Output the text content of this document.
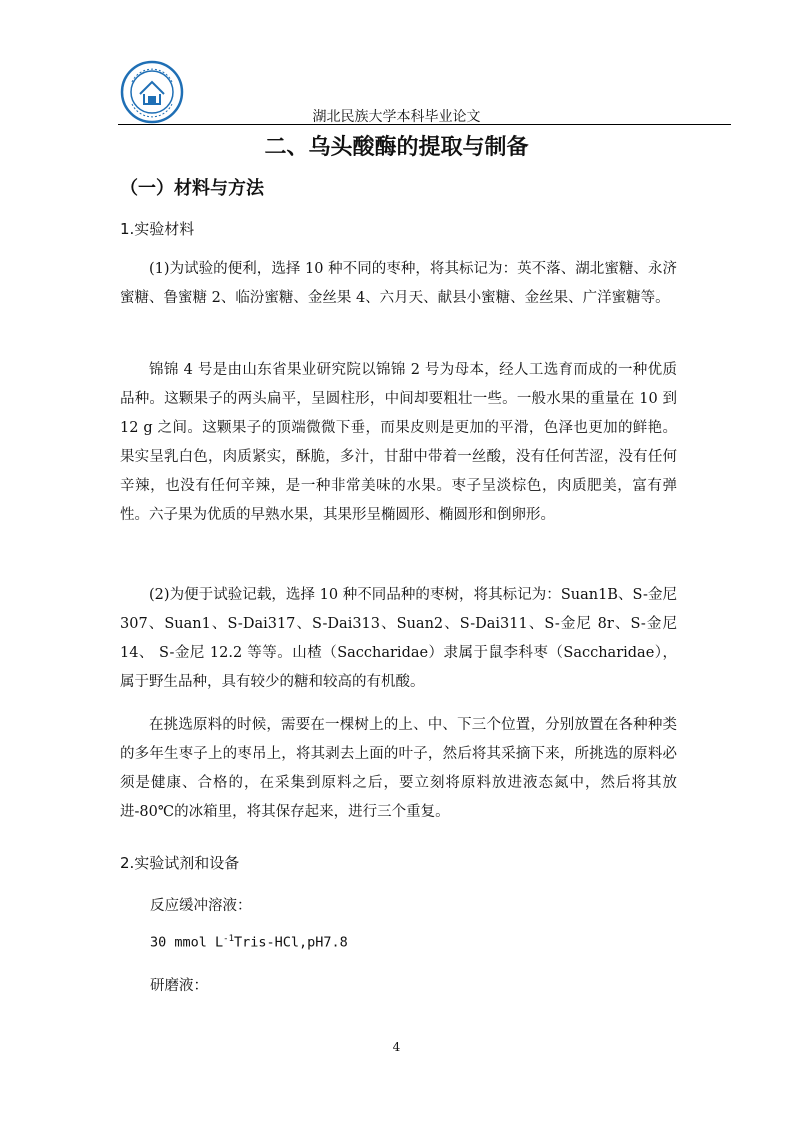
湖北民族大学本科毕业论文
二、乌头酸酶的提取与制备
（一）材料与方法
1.实验材料

(1)为试验的便利，选择 10 种不同的枣种，将其标记为：英不落、湖北蜜糖、永济蜜糖、鲁蜜糖 2、临汾蜜糖、金丝果 4、六月天、献县小蜜糖、金丝果、广洋蜜糖等。

锦锦 4 号是由山东省果业研究院以锦锦 2 号为母本，经人工选育而成的一种优质品种。这颗果子的两头扁平，呈圆柱形，中间却要粗壮一些。一般水果的重量在 10 到 12 g 之间。这颗果子的顶端微微下垂，而果皮则是更加的平滑，色泽也更加的鲜艳。果实呈乳白色，肉质紧实，酥脆，多汁，甘甜中带着一丝酸，没有任何苦涩，没有任何辛辣，也没有任何辛辣，是一种非常美味的水果。枣子呈淡棕色，肉质肥美，富有弹性。六子果为优质的早熟水果，其果形呈椭圆形、椭圆形和倒卵形。

(2)为便于试验记载，选择 10 种不同品种的枣树，将其标记为：Suan1B、S-金尼 307、Suan1、S-Dai317、S-Dai313、Suan2、S-Dai311、S-金尼 8r、S-金尼 14、 S-金尼 12.2 等等。山楂（Saccharidae）隶属于鼠李科枣（Saccharidae），属于野生品种，具有较少的糖和较高的有机酸。

在挑选原料的时候，需要在一棵树上的上、中、下三个位置，分别放置在各种种类的多年生枣子上的枣吊上，将其剥去上面的叶子，然后将其采摘下来，所挑选的原料必须是健康、合格的，在采集到原料之后，要立刻将原料放进液态氮中，然后将其放进-80℃的冰箱里，将其保存起来，进行三个重复。

2.实验试剂和设备
反应缓冲溶液：
30 mmol $L^{-1}Tris-HCl,pH7.8$
研磨液：
4
